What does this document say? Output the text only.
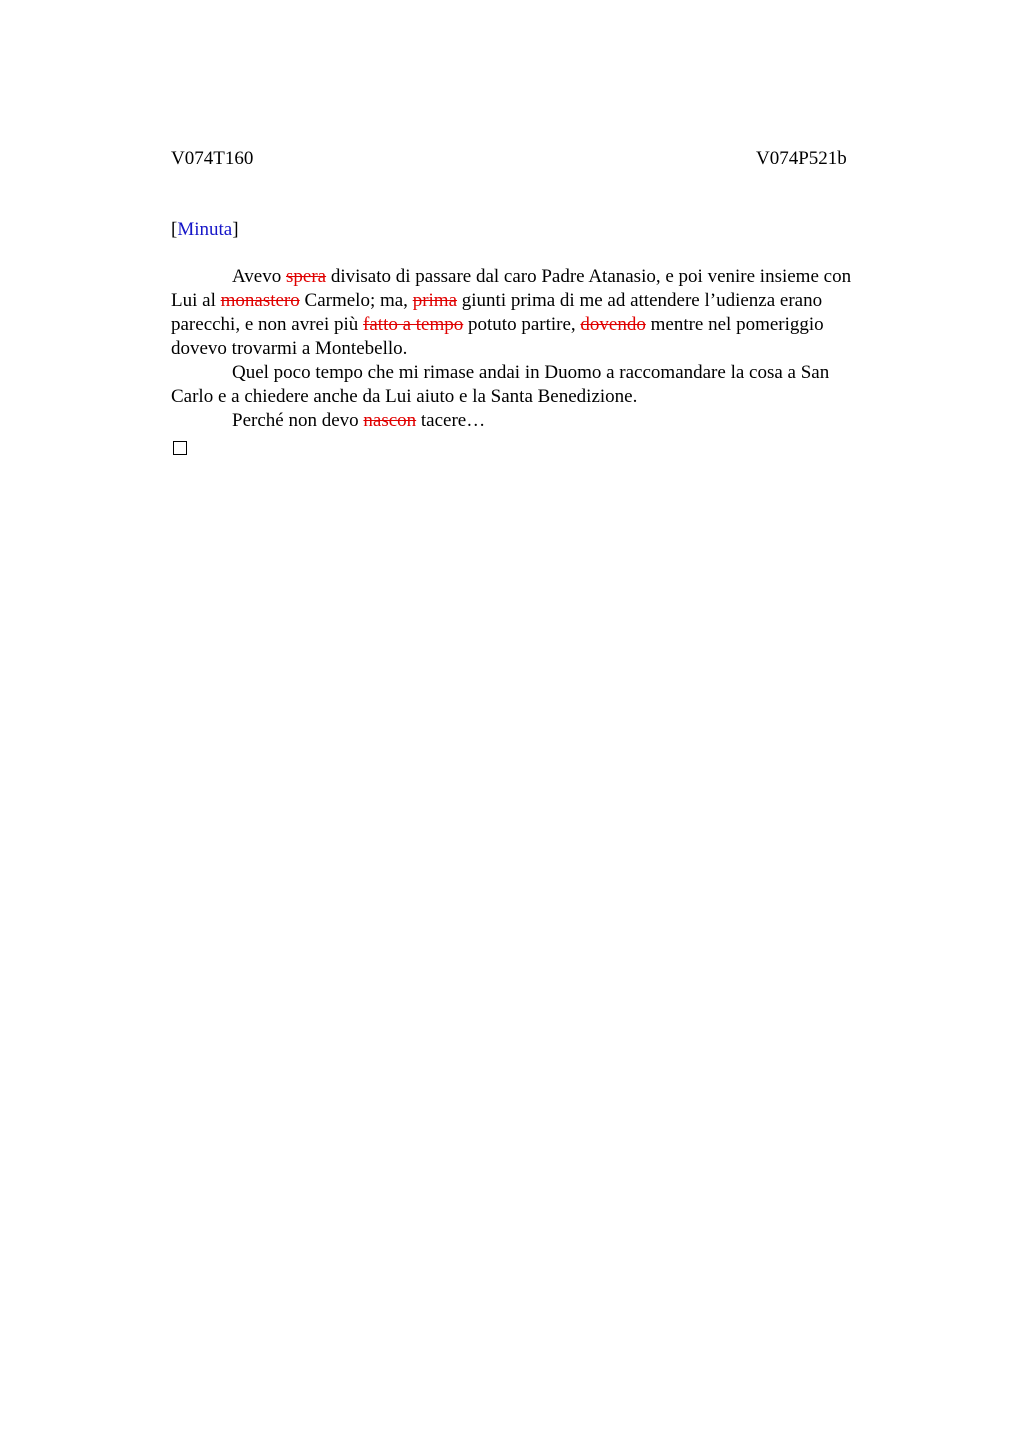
V074T160	V074P521b
[Minuta]

Avevo spera divisato di passare dal caro Padre Atanasio, e poi venire insieme con
Lui al monastero Carmelo; ma, prima giunti prima di me ad attendere l’udienza erano
parecchi, e non avrei più fatto a tempo potuto partire, dovendo mentre nel pomeriggio
dovevo trovarmi a Montebello.

Quel poco tempo che mi rimase andai in Duomo a raccomandare la cosa a San
Carlo e a chiedere anche da Lui aiuto e la Santa Benedizione.

Perché non devo nascon tacere…
